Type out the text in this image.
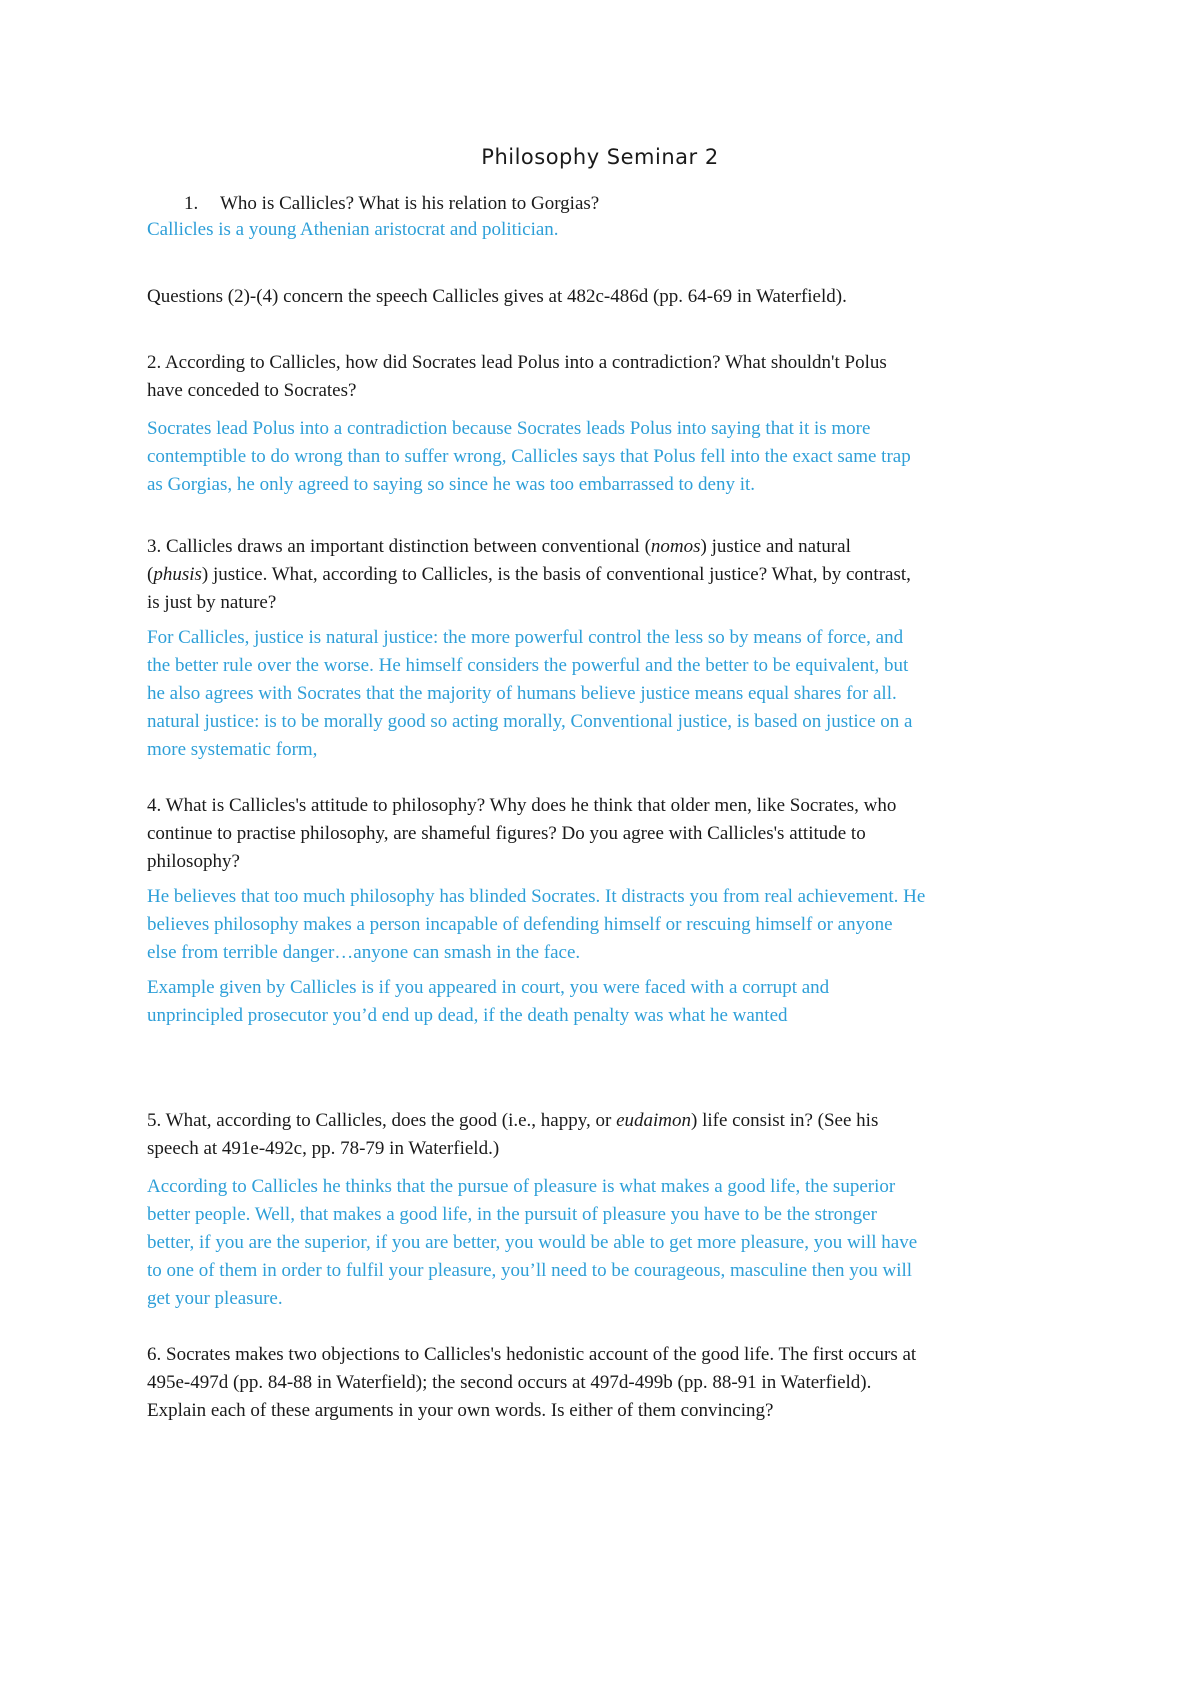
Philosophy Seminar 2
1. Who is Callicles? What is his relation to Gorgias?

Callicles is a young Athenian aristocrat and politician.

Questions (2)-(4) concern the speech Callicles gives at 482c-486d (pp. 64-69 in Waterfield).

2. According to Callicles, how did Socrates lead Polus into a contradiction? What shouldn't Polus
have conceded to Socrates?
Socrates lead Polus into a contradiction because Socrates leads Polus into saying that it is more
contemptible to do wrong than to suffer wrong, Callicles says that Polus fell into the exact same trap
as Gorgias, he only agreed to saying so since he was too embarrassed to deny it.
3. Callicles draws an important distinction between conventional (nomos) justice and natural
(phusis) justice. What, according to Callicles, is the basis of conventional justice? What, by contrast,
is just by nature?
For Callicles, justice is natural justice: the more powerful control the less so by means of force, and
the better rule over the worse. He himself considers the powerful and the better to be equivalent, but
he also agrees with Socrates that the majority of humans believe justice means equal shares for all.
natural justice: is to be morally good so acting morally, Conventional justice, is based on justice on a
more systematic form,
4. What is Callicles's attitude to philosophy? Why does he think that older men, like Socrates, who
continue to practise philosophy, are shameful figures? Do you agree with Callicles's attitude to
philosophy?
He believes that too much philosophy has blinded Socrates. It distracts you from real achievement. He
believes philosophy makes a person incapable of defending himself or rescuing himself or anyone
else from terrible danger…anyone can smash in the face.
Example given by Callicles is if you appeared in court, you were faced with a corrupt and
unprincipled prosecutor you’d end up dead, if the death penalty was what he wanted
5. What, according to Callicles, does the good (i.e., happy, or eudaimon) life consist in? (See his
speech at 491e-492c, pp. 78-79 in Waterfield.)
According to Callicles he thinks that the pursue of pleasure is what makes a good life, the superior
better people. Well, that makes a good life, in the pursuit of pleasure you have to be the stronger
better, if you are the superior, if you are better, you would be able to get more pleasure, you will have
to one of them in order to fulfil your pleasure, you’ll need to be courageous, masculine then you will
get your pleasure.
6. Socrates makes two objections to Callicles's hedonistic account of the good life. The first occurs at
495e-497d (pp. 84-88 in Waterfield); the second occurs at 497d-499b (pp. 88-91 in Waterfield).
Explain each of these arguments in your own words. Is either of them convincing?
